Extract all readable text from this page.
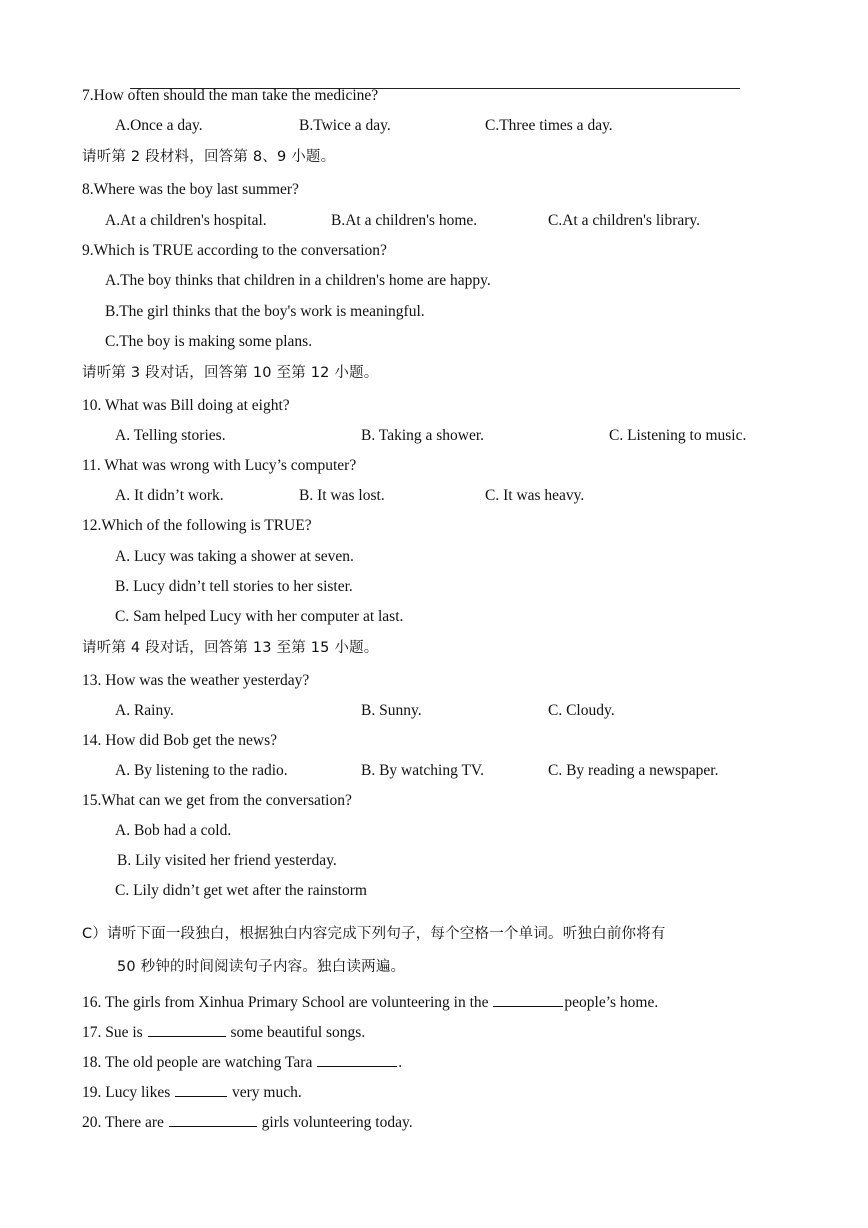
7.How often should the man take the medicine?
A.Once a day.	B.Twice a day.	C.Three times a day.
请听第 2 段材料，回答第 8、9 小题。
8.Where was the boy last summer?
A.At a children's hospital.	B.At a children's home.	C.At a children's library.
9.Which is TRUE according to the conversation?
A.The boy thinks that children in a children's home are happy.
B.The girl thinks that the boy's work is meaningful.
C.The boy is making some plans.
请听第 3 段对话，回答第 10 至第 12 小题。
10. What was Bill doing at eight?
A. Telling stories.	B. Taking a shower.	C. Listening to music.
11. What was wrong with Lucy’s computer?
A. It didn’t work.	B. It was lost.	C. It was heavy.
12.Which of the following is TRUE?
A. Lucy was taking a shower at seven.
B. Lucy didn’t tell stories to her sister.
C. Sam helped Lucy with her computer at last.
请听第 4 段对话，回答第 13 至第 15 小题。
13. How was the weather yesterday?
A. Rainy.	B. Sunny.	C. Cloudy.
14. How did Bob get the news?
A. By listening to the radio.	B. By watching TV.	C. By reading a newspaper.
15.What can we get from the conversation?
A. Bob had a cold.
B. Lily visited her friend yesterday.
C. Lily didn’t get wet after the rainstorm
C）请听下面一段独白，根据独白内容完成下列句子，每个空格一个单词。听独白前你将有
50 秒钟的时间阅读句子内容。独白读两遍。
16. The girls from Xinhua Primary School are volunteering in the	people’s home.
17. Sue is	some beautiful songs.
18. The old people are watching Tara	.
19. Lucy likes	very much.
20. There are	girls volunteering today.
